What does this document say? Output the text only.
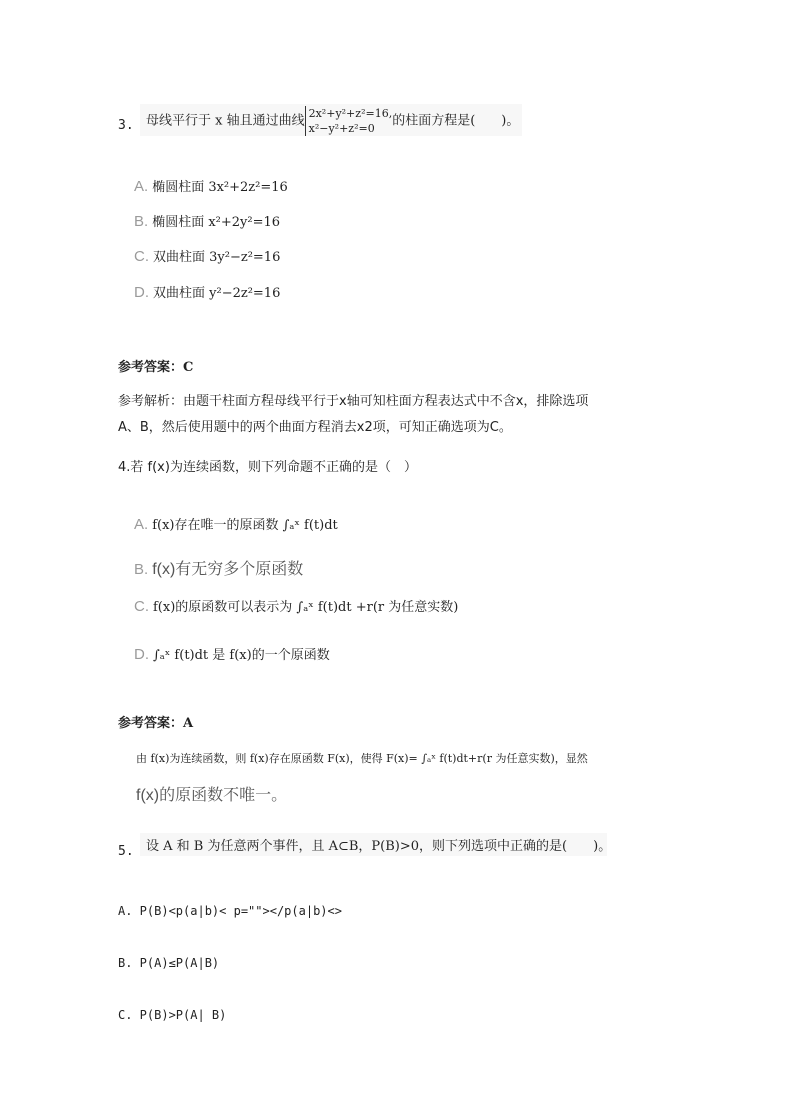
3. 母线平行于 x 轴且通过曲线 2x²+y²+z²=16,
x²−y²+z²=0 的柱面方程是(　　)。
A. 椭圆柱面 3x²+2z²=16
B. 椭圆柱面 x²+2y²=16
C. 双曲柱面 3y²−z²=16
D. 双曲柱面 y²−2z²=16
参考答案：C
参考解析：由题干柱面方程母线平行于x轴可知柱面方程表达式中不含x，排除选项
A、B，然后使用题中的两个曲面方程消去x2项，可知正确选项为C。
4.若 f(x)为连续函数，则下列命题不正确的是（　）
A. f(x)存在唯一的原函数 ∫ₐˣ f(t)dt
B. f(x)有无穷多个原函数
C. f(x)的原函数可以表示为 ∫ₐˣ f(t)dt +r(r 为任意实数)
D. ∫ₐˣ f(t)dt 是 f(x)的一个原函数
参考答案：A
由 f(x)为连续函数，则 f(x)存在原函数 F(x)，使得 F(x)= ∫ₐˣ f(t)dt+r(r 为任意实数)，显然
f(x)的原函数不唯一。
5. 设 A 和 B 为任意两个事件，且 A⊂B，P(B)>0，则下列选项中正确的是(　　)。
A. P(B)<p(a|b)< p=""></p(a|b)<>
B. P(A)≤P(A|B)
C. P(B)>P(A| B)
